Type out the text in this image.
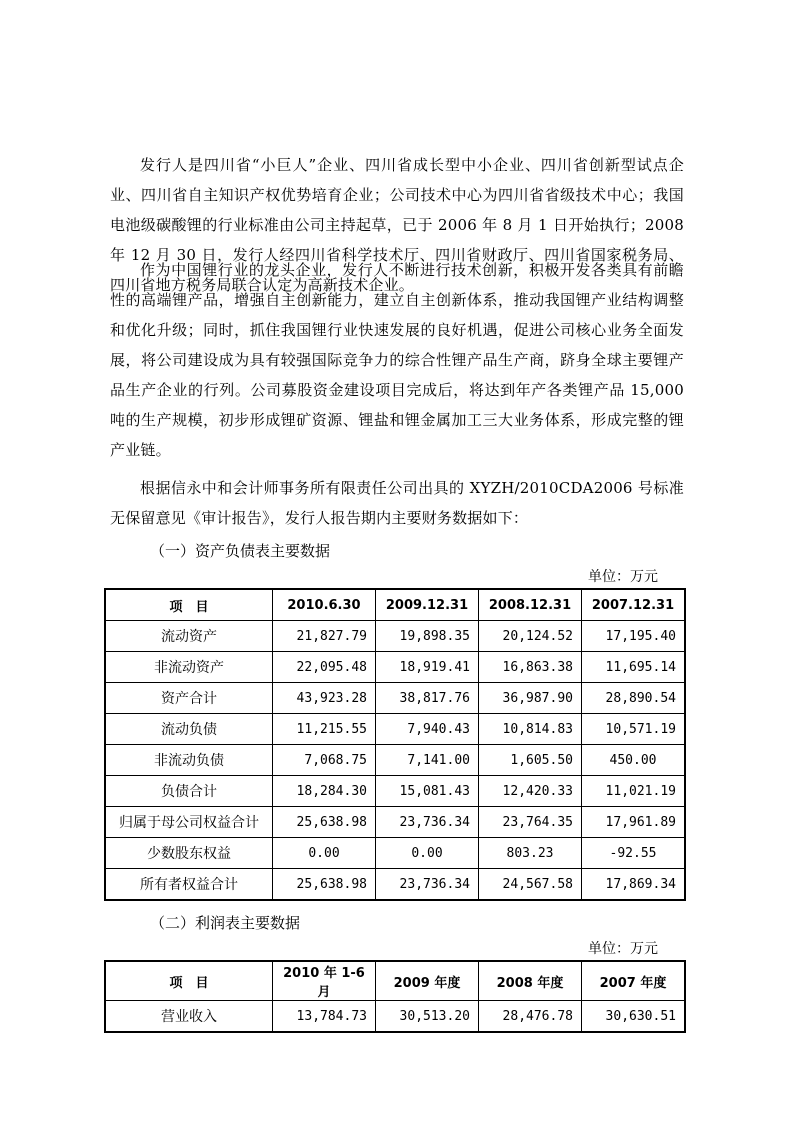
发行人是四川省“小巨人”企业、四川省成长型中小企业、四川省创新型试点企业、四川省自主知识产权优势培育企业；公司技术中心为四川省省级技术中心；我国电池级碳酸锂的行业标准由公司主持起草，已于 2006 年 8 月 1 日开始执行；2008 年 12 月 30 日，发行人经四川省科学技术厅、四川省财政厅、四川省国家税务局、四川省地方税务局联合认定为高新技术企业。

作为中国锂行业的龙头企业，发行人不断进行技术创新，积极开发各类具有前瞻性的高端锂产品，增强自主创新能力，建立自主创新体系，推动我国锂产业结构调整和优化升级；同时，抓住我国锂行业快速发展的良好机遇，促进公司核心业务全面发展，将公司建设成为具有较强国际竞争力的综合性锂产品生产商，跻身全球主要锂产品生产企业的行列。公司募股资金建设项目完成后，将达到年产各类锂产品 15,000 吨的生产规模，初步形成锂矿资源、锂盐和锂金属加工三大业务体系，形成完整的锂产业链。

根据信永中和会计师事务所有限责任公司出具的 XYZH/2010CDA2006 号标准无保留意见《审计报告》，发行人报告期内主要财务数据如下：

（一）资产负债表主要数据

单位：万元

项　目	2010.6.30	2009.12.31	2008.12.31	2007.12.31
流动资产	21,827.79	19,898.35	20,124.52	17,195.40
非流动资产	22,095.48	18,919.41	16,863.38	11,695.14
资产合计	43,923.28	38,817.76	36,987.90	28,890.54
流动负债	11,215.55	7,940.43	10,814.83	10,571.19
非流动负债	7,068.75	7,141.00	1,605.50	450.00
负债合计	18,284.30	15,081.43	12,420.33	11,021.19
归属于母公司权益合计	25,638.98	23,736.34	23,764.35	17,961.89
少数股东权益	0.00	0.00	803.23	-92.55
所有者权益合计	25,638.98	23,736.34	24,567.58	17,869.34

（二）利润表主要数据

单位：万元

项　目	2010 年 1-6 月	2009 年度	2008 年度	2007 年度
营业收入	13,784.73	30,513.20	28,476.78	30,630.51
